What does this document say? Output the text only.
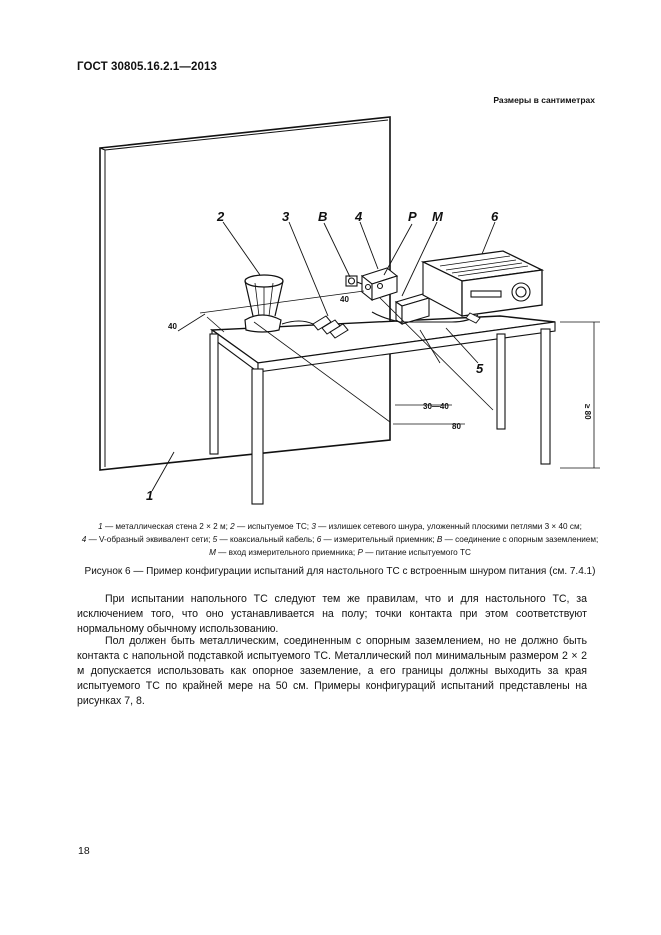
ГОСТ 30805.16.2.1—2013
Размеры в сантиметрах
2	3 B 4	P M	6
5
1
40
40
30—40
80
≥ 80
1 — металлическая стена 2 × 2 м; 2 — испытуемое ТС; 3 — излишек сетевого шнура, уложенный плоскими петлями 3 × 40 см;
4 — V-образный эквивалент сети; 5 — коаксиальный кабель; 6 — измерительный приемник; B — соединение с опорным заземлением; M — вход измерительного приемника; P — питание испытуемого ТС
Рисунок 6 — Пример конфигурации испытаний для настольного ТС с встроенным шнуром питания (см. 7.4.1)
При испытании напольного ТС следуют тем же правилам, что и для настольного ТС, за исключением того, что оно устанавливается на полу; точки контакта при этом соответствуют нормальному обычному использованию.
Пол должен быть металлическим, соединенным с опорным заземлением, но не должно быть контакта с напольной подставкой испытуемого ТС. Металлический пол минимальным размером 2 × 2 м допускается использовать как опорное заземление, а его границы должны выходить за края испытуемого ТС по крайней мере на 50 см. Примеры конфигураций испытаний представлены на рисунках 7, 8.
18
